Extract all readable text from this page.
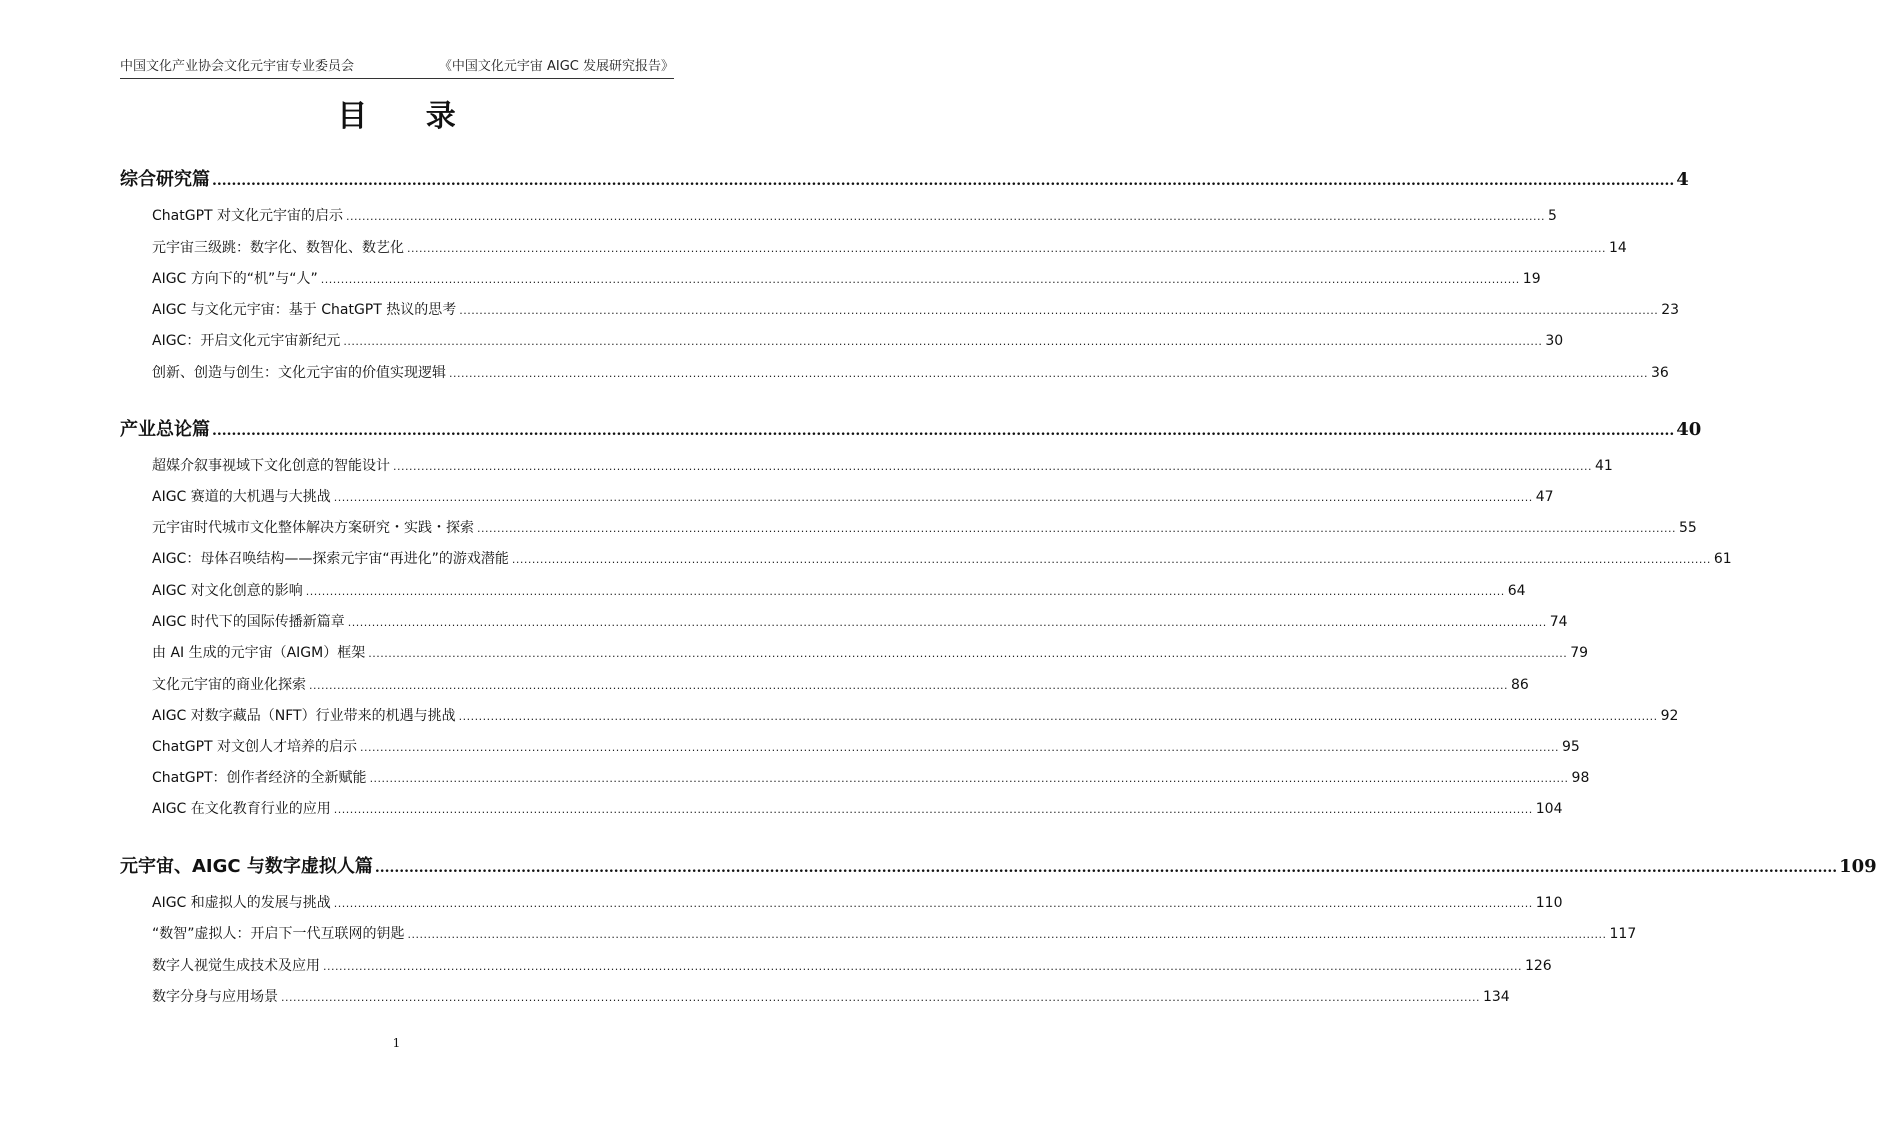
中国文化产业协会文化元宇宙专业委员会	《中国文化元宇宙 AIGC 发展研究报告》
目 录
综合研究篇 ............................................................................................................................................................................................................................................................................................................ 4
ChatGPT 对文化元宇宙的启示 ............................................................................................................................................................................................................................................................................................................ 5
元宇宙三级跳：数字化、数智化、数艺化 ............................................................................................................................................................................................................................................................................................................ 14
AIGC 方向下的“机”与“人” ............................................................................................................................................................................................................................................................................................................ 19
AIGC 与文化元宇宙：基于 ChatGPT 热议的思考 ............................................................................................................................................................................................................................................................................................................ 23
AIGC：开启文化元宇宙新纪元 ............................................................................................................................................................................................................................................................................................................ 30
创新、创造与创生：文化元宇宙的价值实现逻辑 ............................................................................................................................................................................................................................................................................................................ 36
产业总论篇 ............................................................................................................................................................................................................................................................................................................ 40
超媒介叙事视域下文化创意的智能设计 ............................................................................................................................................................................................................................................................................................................ 41
AIGC 赛道的大机遇与大挑战 ............................................................................................................................................................................................................................................................................................................ 47
元宇宙时代城市文化整体解决方案研究・实践・探索 ............................................................................................................................................................................................................................................................................................................ 55
AIGC：母体召唤结构——探索元宇宙“再进化”的游戏潜能 ............................................................................................................................................................................................................................................................................................................ 61
AIGC 对文化创意的影响 ............................................................................................................................................................................................................................................................................................................ 64
AIGC 时代下的国际传播新篇章 ............................................................................................................................................................................................................................................................................................................ 74
由 AI 生成的元宇宙（AIGM）框架 ............................................................................................................................................................................................................................................................................................................ 79
文化元宇宙的商业化探索 ............................................................................................................................................................................................................................................................................................................ 86
AIGC 对数字藏品（NFT）行业带来的机遇与挑战 ............................................................................................................................................................................................................................................................................................................ 92
ChatGPT 对文创人才培养的启示 ............................................................................................................................................................................................................................................................................................................ 95
ChatGPT：创作者经济的全新赋能 ............................................................................................................................................................................................................................................................................................................ 98
AIGC 在文化教育行业的应用 ............................................................................................................................................................................................................................................................................................................ 104
元宇宙、AIGC 与数字虚拟人篇 ............................................................................................................................................................................................................................................................................................................ 109
AIGC 和虚拟人的发展与挑战 ............................................................................................................................................................................................................................................................................................................ 110
“数智”虚拟人：开启下一代互联网的钥匙 ............................................................................................................................................................................................................................................................................................................ 117
数字人视觉生成技术及应用 ............................................................................................................................................................................................................................................................................................................ 126
数字分身与应用场景 ............................................................................................................................................................................................................................................................................................................ 134
1
